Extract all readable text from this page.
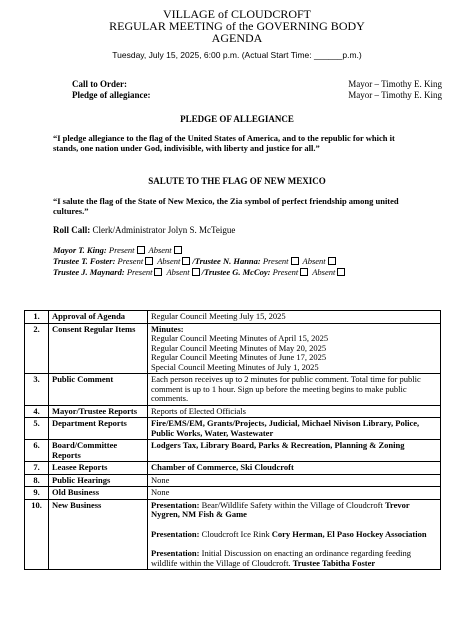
VILLAGE of CLOUDCROFT
REGULAR MEETING of the GOVERNING BODY
AGENDA
Tuesday, July 15, 2025, 6:00 p.m. (Actual Start Time: ______p.m.)
Call to Order:	Mayor – Timothy E. King
Pledge of allegiance:	Mayor – Timothy E. King
PLEDGE OF ALLEGIANCE
“I pledge allegiance to the flag of the United States of America, and to the republic for which it stands, one nation under God, indivisible, with liberty and justice for all.”
SALUTE TO THE FLAG OF NEW MEXICO
“I salute the flag of the State of New Mexico, the Zia symbol of perfect friendship among united cultures.”
Roll Call: Clerk/Administrator Jolyn S. McTeigue
Mayor T. King: Present Absent
Trustee T. Foster: Present Absent /Trustee N. Hanna: Present Absent
Trustee J. Maynard: Present Absent /Trustee G. McCoy: Present Absent
1.	Approval of Agenda	Regular Council Meeting July 15, 2025

2.	Consent Regular Items	Minutes:
Regular Council Meeting Minutes of April 15, 2025
Regular Council Meeting Minutes of May 20, 2025
Regular Council Meeting Minutes of June 17, 2025
Special Council Meeting Minutes of July 1, 2025

3.	Public Comment	Each person receives up to 2 minutes for public comment. Total time for public comment is up to 1 hour. Sign up before the meeting begins to make public comments.

4.	Mayor/Trustee Reports	Reports of Elected Officials

5.	Department Reports	Fire/EMS/EM, Grants/Projects, Judicial, Michael Nivison Library, Police, Public Works, Water, Wastewater

6.	Board/Committee Reports	Lodgers Tax, Library Board, Parks & Recreation, Planning & Zoning

7.	Leasee Reports	Chamber of Commerce, Ski Cloudcroft

8.	Public Hearings	None

9.	Old Business	None

10.	New Business	Presentation: Bear/Wildlife Safety within the Village of Cloudcroft Trevor Nygren, NM Fish & Game
Presentation: Cloudcroft Ice Rink Cory Herman, El Paso Hockey Association
Presentation: Initial Discussion on enacting an ordinance regarding feeding wildlife within the Village of Cloudcroft. Trustee Tabitha Foster
